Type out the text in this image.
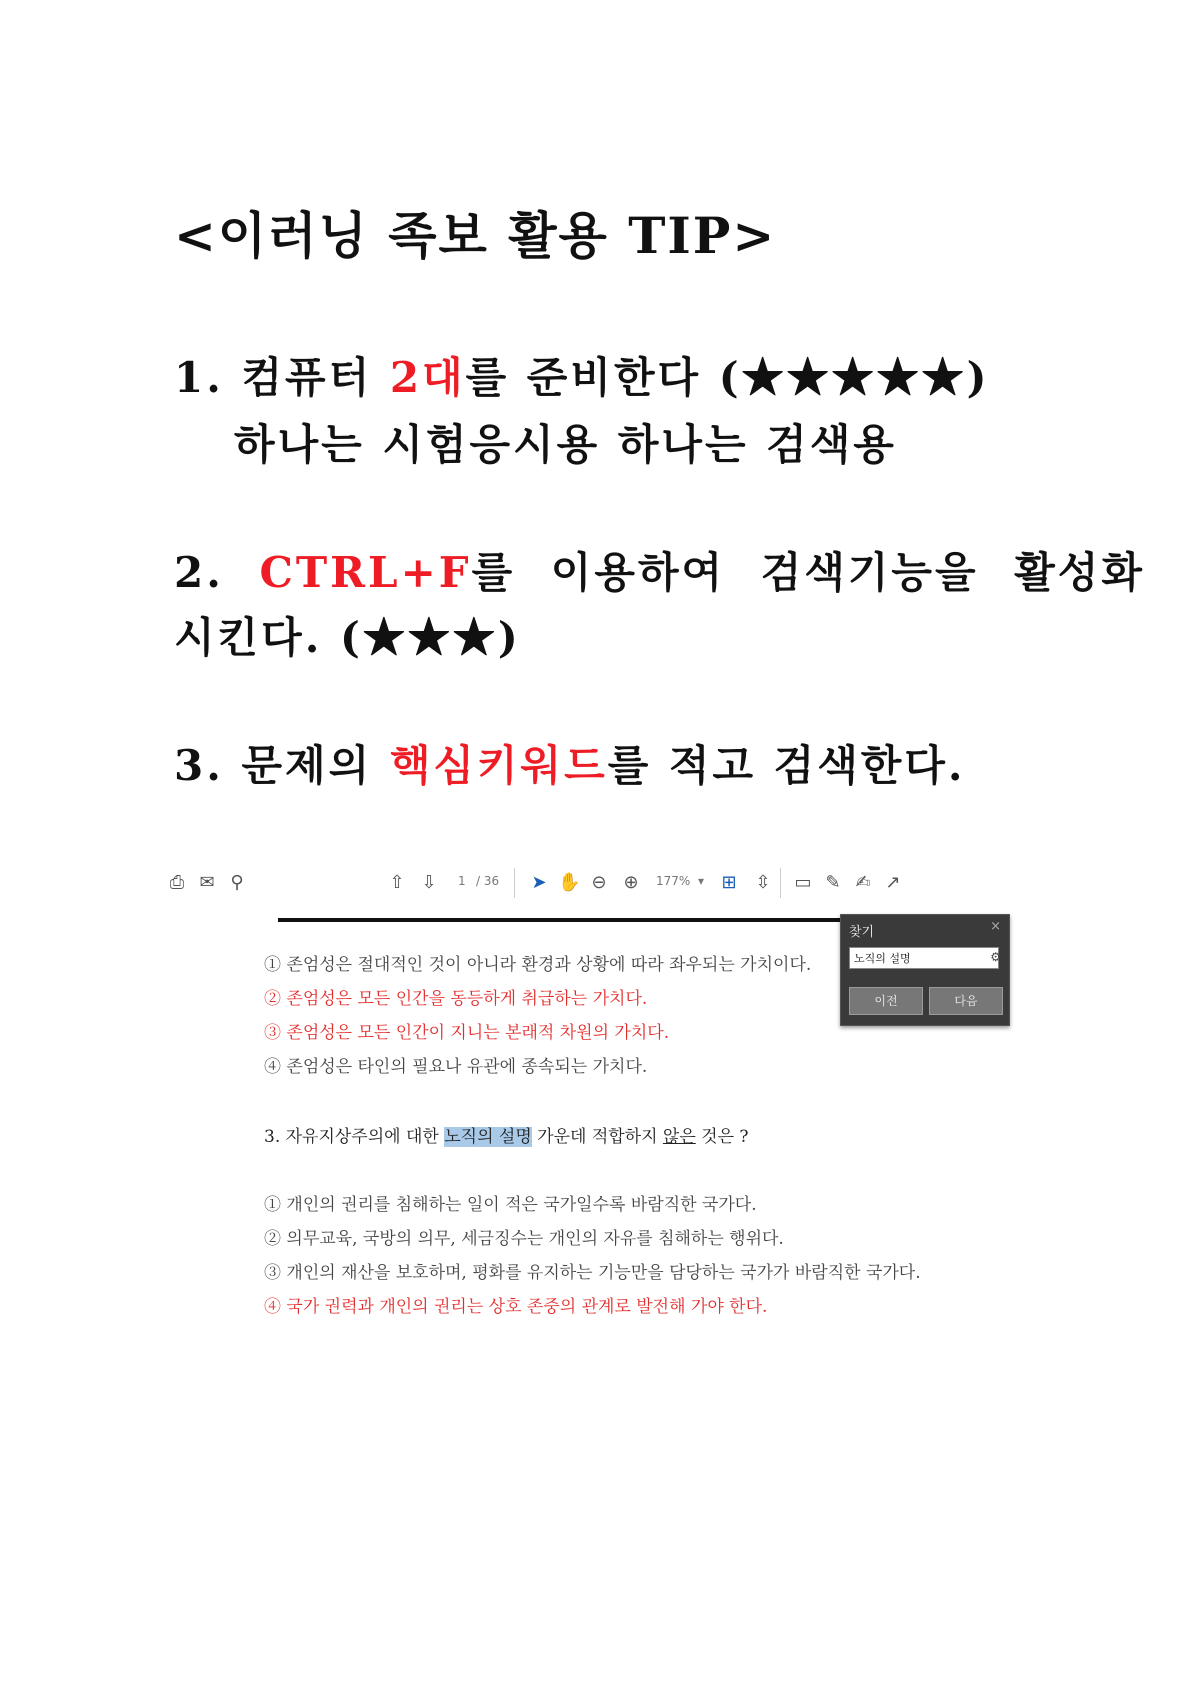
<이러닝 족보 활용 TIP>
1. 컴퓨터 2대를 준비한다 (★★★★★)
하나는 시험응시용 하나는 검색용
2. CTRL+F를 이용하여 검색기능을 활성화
시킨다. (★★★)
3. 문제의 핵심키워드를 적고 검색한다.
⎙ ✉ ⚲	⇧ ⇩ 1 / 36 ➤ ✋ ⊖ ⊕ 177% ▾ ⊞ ⇳ ▭ ✎ ✍ ↗
찾기	×
노직의 설명
⚙
이전	다음
① 존엄성은 절대적인 것이 아니라 환경과 상황에 따라 좌우되는 가치이다.
② 존엄성은 모든 인간을 동등하게 취급하는 가치다.
③ 존엄성은 모든 인간이 지니는 본래적 차원의 가치다.
④ 존엄성은 타인의 필요나 유관에 종속되는 가치다.
3. 자유지상주의에 대한 노직의 설명 가운데 적합하지 않은 것은 ?
① 개인의 권리를 침해하는 일이 적은 국가일수록 바람직한 국가다.
② 의무교육, 국방의 의무, 세금징수는 개인의 자유를 침해하는 행위다.
③ 개인의 재산을 보호하며, 평화를 유지하는 기능만을 담당하는 국가가 바람직한 국가다.
④ 국가 권력과 개인의 권리는 상호 존중의 관계로 발전해 가야 한다.
